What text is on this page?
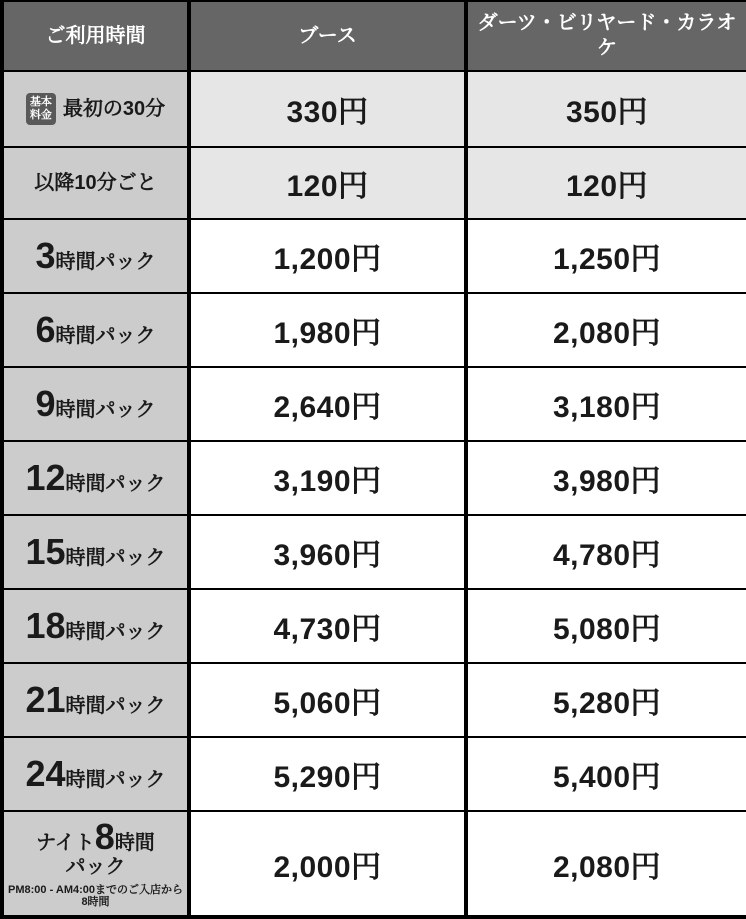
ご利用時間	ブース	ダーツ・ビリヤード・カラオケ
基本
料金 最初の30分	330円	350円
以降10分ごと	120円	120円
3時間パック	1,200円	1,250円
6時間パック	1,980円	2,080円
9時間パック	2,640円	3,180円
12時間パック	3,190円	3,980円
15時間パック	3,960円	4,780円
18時間パック	4,730円	5,080円
21時間パック	5,060円	5,280円
24時間パック	5,290円	5,400円
ナイト8時間
パック
PM8:00 - AM4:00までのご入店から8時間	2,000円	2,080円
